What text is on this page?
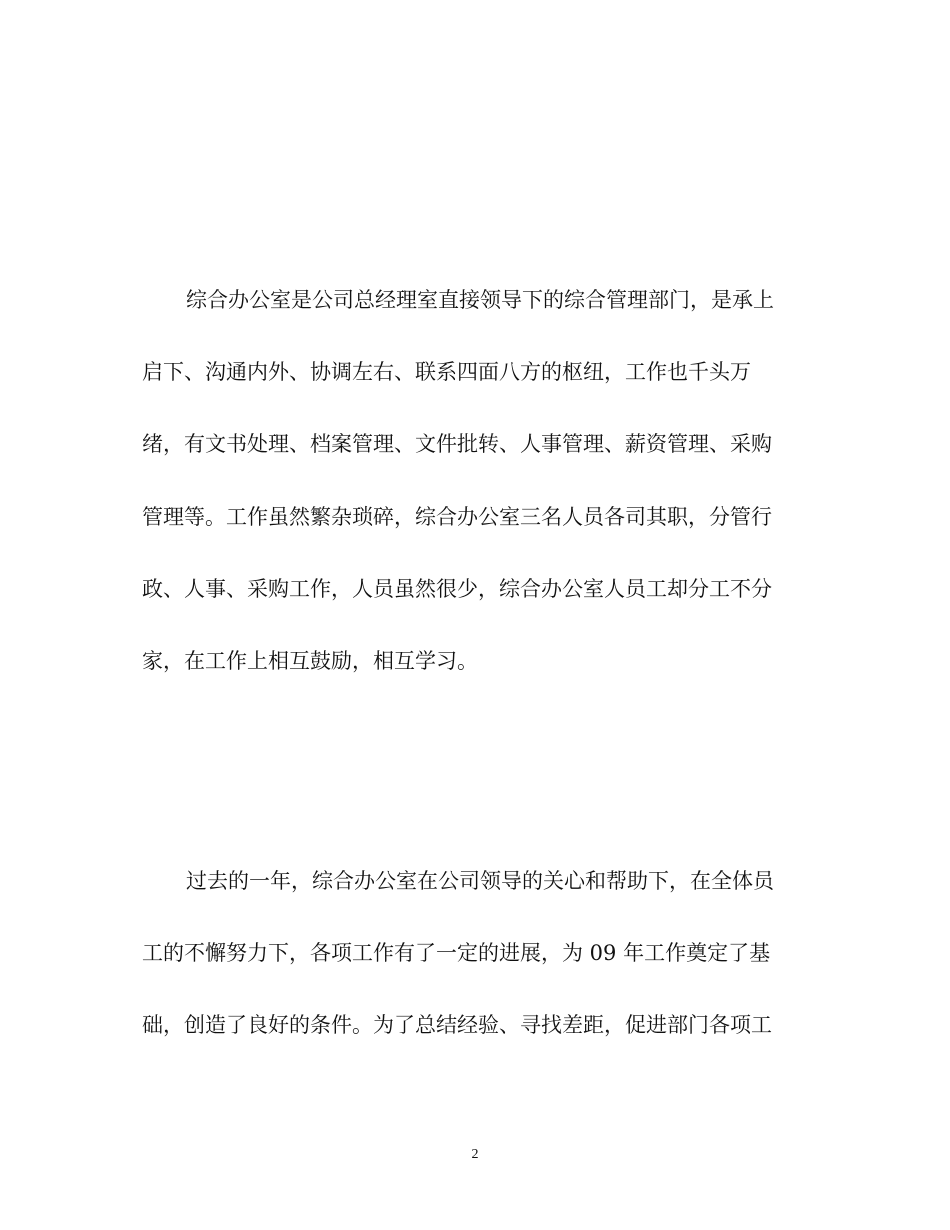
综合办公室是公司总经理室直接领导下的综合管理部门，是承上
启下、沟通内外、协调左右、联系四面八方的枢纽，工作也千头万
绪，有文书处理、档案管理、文件批转、人事管理、薪资管理、采购
管理等。工作虽然繁杂琐碎，综合办公室三名人员各司其职，分管行
政、人事、采购工作，人员虽然很少，综合办公室人员工却分工不分
家，在工作上相互鼓励，相互学习。
过去的一年，综合办公室在公司领导的关心和帮助下，在全体员
工的不懈努力下，各项工作有了一定的进展，为 09 年工作奠定了基
础，创造了良好的条件。为了总结经验、寻找差距，促进部门各项工
2
